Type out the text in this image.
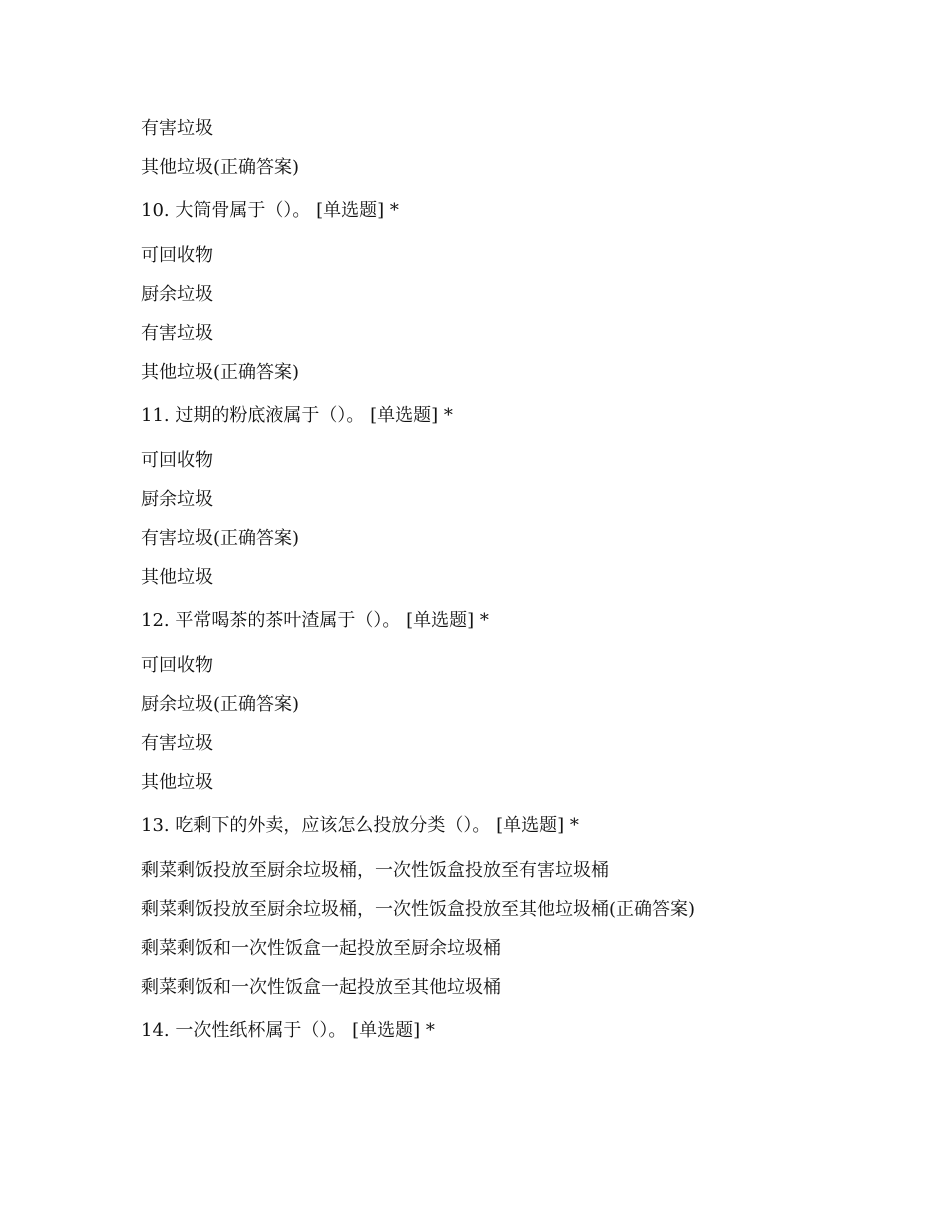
有害垃圾
其他垃圾(正确答案)
10. 大筒骨属于（）。 [单选题] *
可回收物
厨余垃圾
有害垃圾
其他垃圾(正确答案)
11. 过期的粉底液属于（）。 [单选题] *
可回收物
厨余垃圾
有害垃圾(正确答案)
其他垃圾
12. 平常喝茶的茶叶渣属于（）。 [单选题] *
可回收物
厨余垃圾(正确答案)
有害垃圾
其他垃圾
13. 吃剩下的外卖，应该怎么投放分类（）。 [单选题] *
剩菜剩饭投放至厨余垃圾桶，一次性饭盒投放至有害垃圾桶
剩菜剩饭投放至厨余垃圾桶，一次性饭盒投放至其他垃圾桶(正确答案)
剩菜剩饭和一次性饭盒一起投放至厨余垃圾桶
剩菜剩饭和一次性饭盒一起投放至其他垃圾桶
14. 一次性纸杯属于（）。 [单选题] *
